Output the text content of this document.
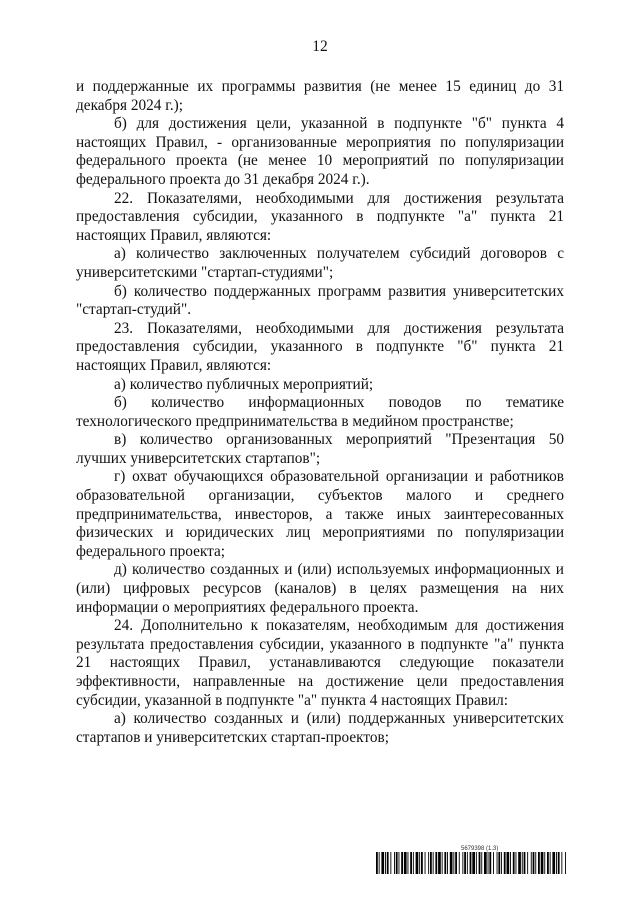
12

и поддержанные их программы развития (не менее 15 единиц до 31 декабря 2024 г.);

б) для достижения цели, указанной в подпункте "б" пункта 4 настоящих Правил, - организованные мероприятия по популяризации федерального проекта (не менее 10 мероприятий по популяризации федерального проекта до 31 декабря 2024 г.).

22. Показателями, необходимыми для достижения результата предоставления субсидии, указанного в подпункте "а" пункта 21 настоящих Правил, являются:

а) количество заключенных получателем субсидий договоров с университетскими "стартап-студиями";

б) количество поддержанных программ развития университетских "стартап-студий".

23. Показателями, необходимыми для достижения результата предоставления субсидии, указанного в подпункте "б" пункта 21 настоящих Правил, являются:

а) количество публичных мероприятий;

б) количество информационных поводов по тематике технологического предпринимательства в медийном пространстве;

в) количество организованных мероприятий "Презентация 50 лучших университетских стартапов";

г) охват обучающихся образовательной организации и работников образовательной организации, субъектов малого и среднего предпринимательства, инвесторов, а также иных заинтересованных физических и юридических лиц мероприятиями по популяризации федерального проекта;

д) количество созданных и (или) используемых информационных и (или) цифровых ресурсов (каналов) в целях размещения на них информации о мероприятиях федерального проекта.

24. Дополнительно к показателям, необходимым для достижения результата предоставления субсидии, указанного в подпункте "а" пункта 21 настоящих Правил, устанавливаются следующие показатели эффективности, направленные на достижение цели предоставления субсидии, указанной в подпункте "а" пункта 4 настоящих Правил:

а) количество созданных и (или) поддержанных университетских стартапов и университетских стартап-проектов;

5679398 (1.3)
